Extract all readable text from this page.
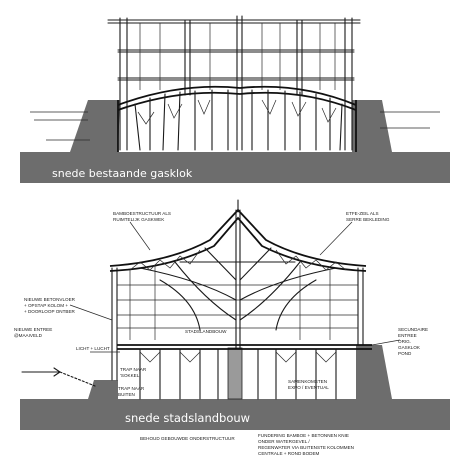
snede bestaande gasklok
snede stadslandbouw
BAMBOESTRUCTUUR ALS
RUIMTELIJK GASKWEK
ETFE-ZEIL ALS
SERRE BEKLEDING
NIEUWE BETONVLOER
+ OPSTAP KOLOM +
+ DOORLOOP ONTBER
NIEUWE ENTREE
@MAAIVELD
LICHT + LUCHT
STADSLANDBOUW	SECUNDAIRE
ENTREE
ORIG.
GASKLOK
POND
TRAP NAAR
'SOKKEL'
TRAP NAAR
BUITEN
SAMENKOMSTEN
EXPO / EVENTUAL
FUNDERING BAMBOE + BETONNEN KNIE
ONDER WATERGEVEL /
REGENWATER VIA BUITENSTE KOLOMMEN
CENTRALE + ROND BODEM
BEHOUD GEBOUWDE ONDERSTRUCTUUR
